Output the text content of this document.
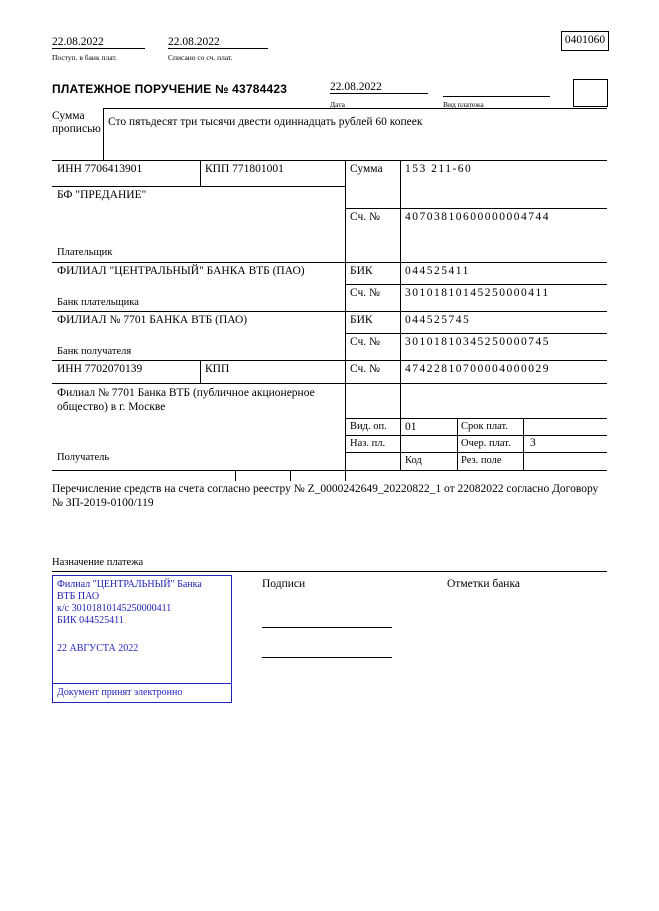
22.08.2022
Поступ. в банк плат.
22.08.2022
Списано со сч. плат.
0401060
ПЛАТЕЖНОЕ ПОРУЧЕНИЕ № 43784423	22.08.2022
Дата	Вид платежа
Сумма прописью
Сто пятьдесят три тысячи двести одиннадцать рублей 60 копеек
ИНН 7706413901	КПП 771801001	Сумма 153 211-60
БФ "ПРЕДАНИЕ"
Сч. № 40703810600000004744
Плательщик
ФИЛИАЛ "ЦЕНТРАЛЬНЫЙ" БАНКА ВТБ (ПАО)	БИК	044525411
Сч. № 30101810145250000411
Банк плательщика
ФИЛИАЛ № 7701 БАНКА ВТБ (ПАО)	БИК	044525745
Сч. № 30101810345250000745
Банк получателя
ИНН 7702070139	КПП	Сч. № 47422810700004000029
Филиал № 7701 Банка ВТБ (публичное акционерное общество) в г. Москве
Получатель
Вид. оп. 01	Срок плат.
Наз. пл.	Очер. плат. 3
Код	Рез. поле
Перечисление средств на счета согласно реестру № Z_0000242649_20220822_1 от 22082022 согласно Договору № ЗП-2019-0100/119
Назначение платежа
Филиал "ЦЕНТРАЛЬНЫЙ" Банка
ВТБ ПАО
к/с 30101810145250000411
БИК 044525411
22 АВГУСТА 2022
Документ принят электронно
Подписи	Отметки банка
